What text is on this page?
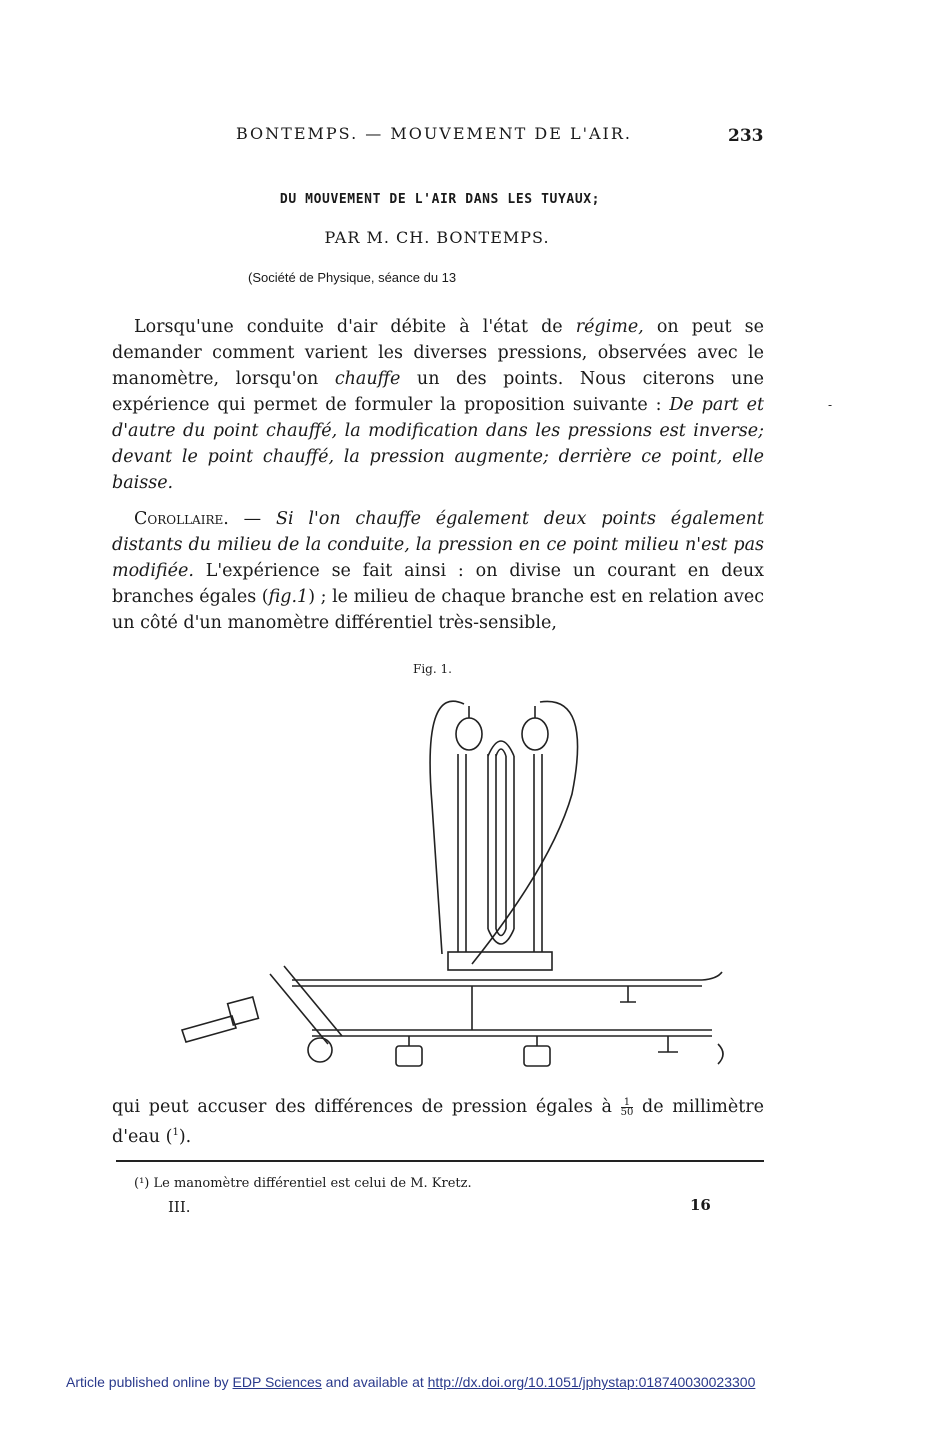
BONTEMPS. — MOUVEMENT DE L'AIR.	233
DU MOUVEMENT DE L'AIR DANS LES TUYAUX;
PAR M. CH. BONTEMPS.
(Société de Physique, séance du 13
-
Lorsqu'une conduite d'air débite à l'état de régime, on peut se demander comment varient les diverses pressions, observées avec le manomètre, lorsqu'on chauffe un des points. Nous citerons une expérience qui permet de formuler la proposition suivante : De part et d'autre du point chauffé, la modification dans les pressions est inverse; devant le point chauffé, la pression augmente; derrière ce point, elle baisse.
Corollaire. — Si l'on chauffe également deux points également distants du milieu de la conduite, la pression en ce point milieu n'est pas modifiée. L'expérience se fait ainsi : on divise un courant en deux branches égales (fig.1) ; le milieu de chaque branche est en relation avec un côté d'un manomètre différentiel très-sensible,
Fig. 1.
qui peut accuser des différences de pression égales à $\frac{1}{50}$ de millimètre d'eau ($^1$).
(¹) Le manomètre différentiel est celui de M. Kretz.
III.	16
Article published online by EDP Sciences and available at http://dx.doi.org/10.1051/jphystap:018740030023300
